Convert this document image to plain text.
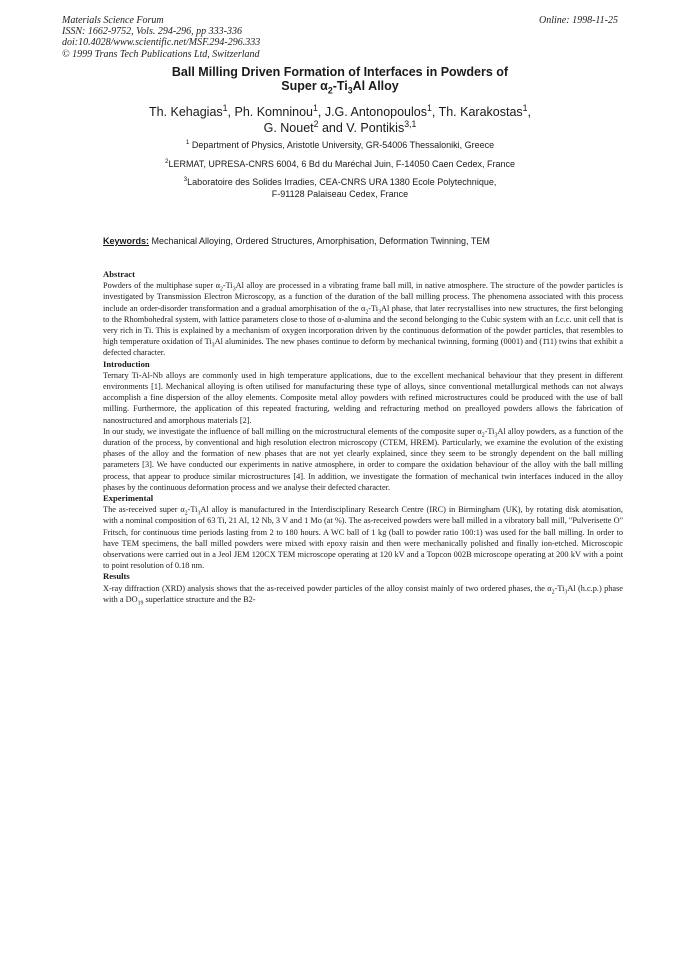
Materials Science Forum
ISSN: 1662-9752, Vols. 294-296, pp 333-336
doi:10.4028/www.scientific.net/MSF.294-296.333
© 1999 Trans Tech Publications Ltd, Switzerland
Online: 1998-11-25
Ball Milling Driven Formation of Interfaces in Powders of
Super $\alpha_2-Ti_3Al$ Alloy
Th. Kehagias$^1$, Ph. Komninou$^1$, J.G. Antonopoulos$^1$, Th. Karakostas$^1$,
G. Nouet$^2$ and V. Pontikis$^{3,1}$
$^1$ Department of Physics, Aristotle University, GR-54006 Thessaloniki, Greece
$^2$LERMAT, UPRESA-CNRS 6004, 6 Bd du Maréchal Juin, F-14050 Caen Cedex, France
$^3$Laboratoire des Solides Irradies, CEA-CNRS URA 1380 Ecole Polytechnique,
F-91128 Palaiseau Cedex, France
Keywords: Mechanical Alloying, Ordered Structures, Amorphisation, Deformation Twinning, TEM
Abstract

Powders of the multiphase super $\alpha_2-Ti_3Al$ alloy are processed in a vibrating frame ball mill, in native atmosphere. The structure of the powder particles is investigated by Transmission Electron Microscopy, as a function of the duration of the ball milling process. The phenomena associated with this process include an order-disorder transformation and a gradual amorphisation of the $\alpha_2-Ti_3Al$ phase, that later recrystallises into new structures, the first belonging to the Rhombohedral system, with lattice parameters close to those of α-alumina and the second belonging to the Cubic system with an f.c.c. unit cell that is very rich in Ti. This is explained by a mechanism of oxygen incorporation driven by the continuous deformation of the powder particles, that resembles to high temperature oxidation of $Ti_3Al$ aluminides. The new phases continue to deform by mechanical twinning, forming (0001) and (1̄11) twins that exhibit a defected character.

Introduction

Ternary Ti-Al-Nb alloys are commonly used in high temperature applications, due to the excellent mechanical behaviour that they present in different environments [1]. Mechanical alloying is often utilised for manufacturing these type of alloys, since conventional metallurgical methods can not always accomplish a fine dispersion of the alloy elements. Composite metal alloy powders with refined microstructures could be produced with the use of ball milling. Furthermore, the application of this repeated fracturing, welding and refracturing method on prealloyed powders allows the fabrication of nanostructured and amorphous materials [2].

In our study, we investigate the influence of ball milling on the microstructural elements of the composite super $\alpha_2-Ti_3Al$ alloy powders, as a function of the duration of the process, by conventional and high resolution electron microscopy (CTEM, HREM). Particularly, we examine the evolution of the existing phases of the alloy and the formation of new phases that are not yet clearly explained, since they seem to be strongly dependent on the ball milling parameters [3]. We have conducted our experiments in native atmosphere, in order to compare the oxidation behaviour of the alloy with the ball milling process, that appear to produce similar microstructures [4]. In addition, we investigate the formation of mechanical twin interfaces induced in the alloy phases by the continuous deformation process and we analyse their defected character.

Experimental

The as-received super $\alpha_2-Ti_3Al$ alloy is manufactured in the Interdisciplinary Research Centre (IRC) in Birmingham (UK), by rotating disk atomisation, with a nominal composition of 63 Ti, 21 Al, 12 Nb, 3 V and 1 Mo (at %). The as-received powders were ball milled in a vibratory ball mill, "Pulverisette O" Fritsch, for continuous time periods lasting from 2 to 180 hours. A WC ball of 1 kg (ball to powder ratio 100:1) was used for the ball milling. In order to have TEM specimens, the ball milled powders were mixed with epoxy raisin and then were mechanically polished and finally ion-etched. Microscopic observations were carried out in a Jeol JEM 120CX TEM microscope operating at 120 kV and a Topcon 002B microscope operating at 200 kV with a point to point resolution of 0.18 nm.

Results

X-ray diffraction (XRD) analysis shows that the as-received powder particles of the alloy consist mainly of two ordered phases, the $\alpha_2-Ti_3Al$ (h.c.p.) phase with a $DO_{19}$ superlattice structure and the B2-
